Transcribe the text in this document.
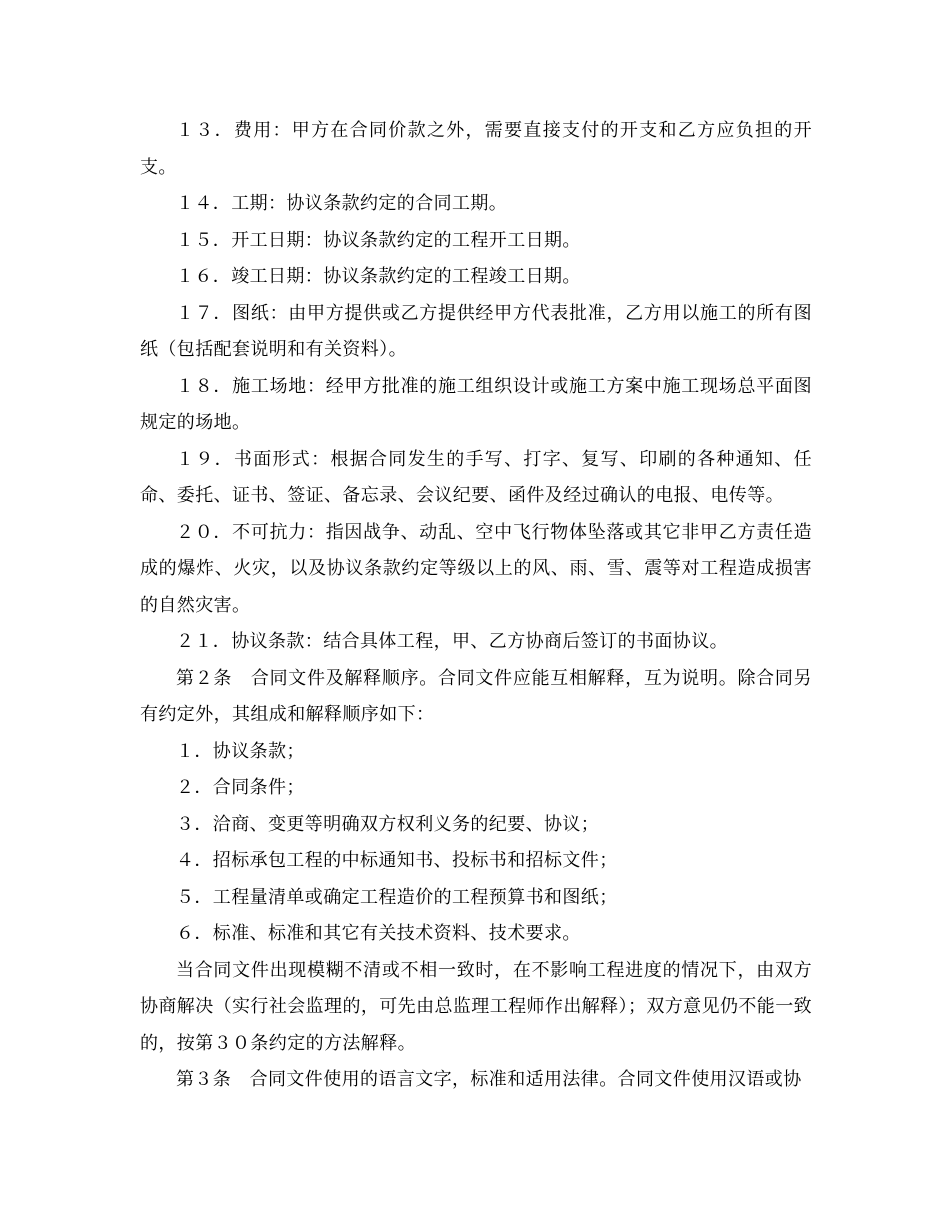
１３．费用：甲方在合同价款之外，需要直接支付的开支和乙方应负担的开支。

１４．工期：协议条款约定的合同工期。

１５．开工日期：协议条款约定的工程开工日期。

１６．竣工日期：协议条款约定的工程竣工日期。

１７．图纸：由甲方提供或乙方提供经甲方代表批准，乙方用以施工的所有图纸（包括配套说明和有关资料）。

１８．施工场地：经甲方批准的施工组织设计或施工方案中施工现场总平面图规定的场地。

１９．书面形式：根据合同发生的手写、打字、复写、印刷的各种通知、任命、委托、证书、签证、备忘录、会议纪要、函件及经过确认的电报、电传等。

２０．不可抗力：指因战争、动乱、空中飞行物体坠落或其它非甲乙方责任造成的爆炸、火灾，以及协议条款约定等级以上的风、雨、雪、震等对工程造成损害的自然灾害。

２１．协议条款：结合具体工程，甲、乙方协商后签订的书面协议。

第２条　合同文件及解释顺序。合同文件应能互相解释，互为说明。除合同另有约定外，其组成和解释顺序如下：

１．协议条款；

２．合同条件；

３．洽商、变更等明确双方权利义务的纪要、协议；

４．招标承包工程的中标通知书、投标书和招标文件；

５．工程量清单或确定工程造价的工程预算书和图纸；

６．标准、标准和其它有关技术资料、技术要求。

当合同文件出现模糊不清或不相一致时，在不影响工程进度的情况下，由双方协商解决（实行社会监理的，可先由总监理工程师作出解释）；双方意见仍不能一致的，按第３０条约定的方法解释。

第３条　合同文件使用的语言文字，标准和适用法律。合同文件使用汉语或协
